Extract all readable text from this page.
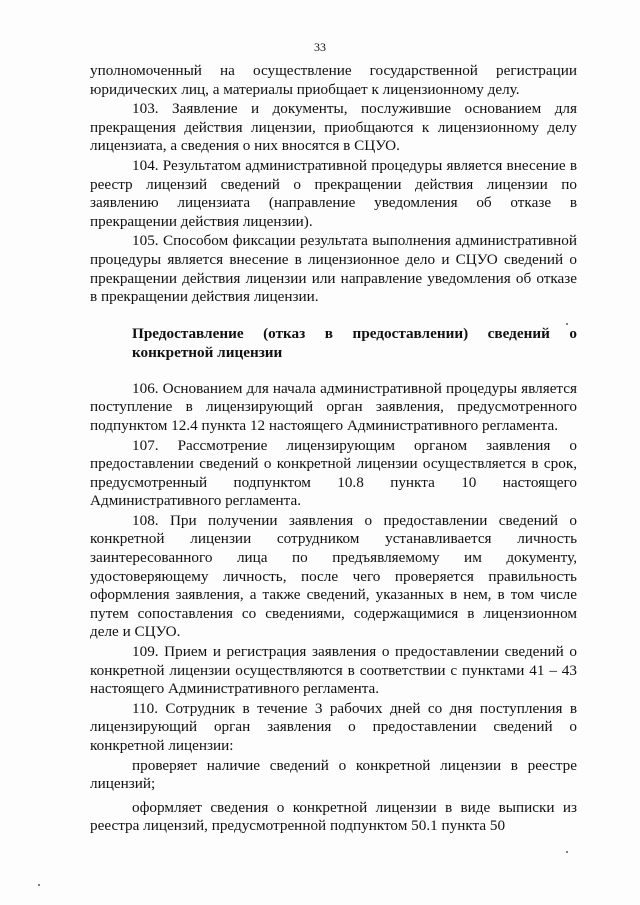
33

уполномоченный на осуществление государственной регистрации юридических лиц, а материалы приобщает к лицензионному делу.

103. Заявление и документы, послужившие основанием для прекращения действия лицензии, приобщаются к лицензионному делу лицензиата, а сведения о них вносятся в СЦУО.

104. Результатом административной процедуры является внесение в реестр лицензий сведений о прекращении действия лицензии по заявлению лицензиата (направление уведомления об отказе в прекращении действия лицензии).

105. Способом фиксации результата выполнения административной процедуры является внесение в лицензионное дело и СЦУО сведений о прекращении действия лицензии или направление уведомления об отказе в прекращении действия лицензии.

Предоставление (отказ в предоставлении) сведений о конкретной лицензии

106. Основанием для начала административной процедуры является поступление в лицензирующий орган заявления, предусмотренного подпунктом 12.4 пункта 12 настоящего Административного регламента.

107. Рассмотрение лицензирующим органом заявления о предоставлении сведений о конкретной лицензии осуществляется в срок, предусмотренный подпунктом 10.8 пункта 10 настоящего Административного регламента.

108. При получении заявления о предоставлении сведений о конкретной лицензии сотрудником устанавливается личность заинтересованного лица по предъявляемому им документу, удостоверяющему личность, после чего проверяется правильность оформления заявления, а также сведений, указанных в нем, в том числе путем сопоставления со сведениями, содержащимися в лицензионном деле и СЦУО.

109. Прием и регистрация заявления о предоставлении сведений о конкретной лицензии осуществляются в соответствии с пунктами 41 – 43 настоящего Административного регламента.

110. Сотрудник в течение 3 рабочих дней со дня поступления в лицензирующий орган заявления о предоставлении сведений о конкретной лицензии:

проверяет наличие сведений о конкретной лицензии в реестре лицензий;

оформляет сведения о конкретной лицензии в виде выписки из реестра лицензий, предусмотренной подпунктом 50.1 пункта 50
